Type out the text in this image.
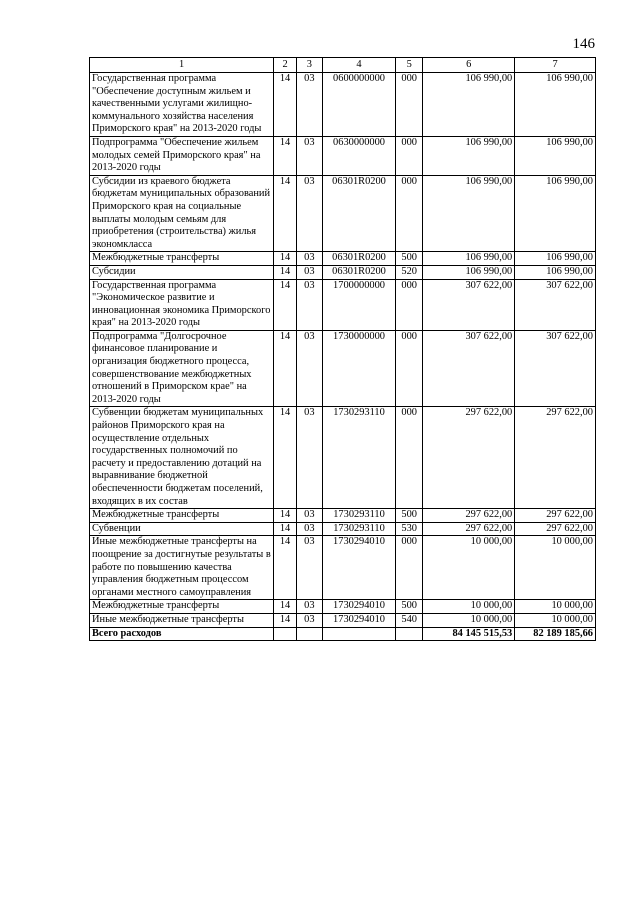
146
1	2	3	4	5	6	7
Государственная программа "Обеспечение доступным жильем и качественными услугами жилищно-коммунального хозяйства населения Приморского края" на 2013-2020 годы	14	03	0600000000	000	106 990,00	106 990,00
Подпрограмма "Обеспечение жильем молодых семей Приморского края" на 2013-2020 годы	14	03	0630000000	000	106 990,00	106 990,00
Субсидии из краевого бюджета бюджетам муниципальных образований Приморского края на социальные выплаты молодым семьям для приобретения (строительства) жилья экономкласса	14	03	06301R0200	000	106 990,00	106 990,00
Межбюджетные трансферты	14	03	06301R0200	500	106 990,00	106 990,00
Субсидии	14	03	06301R0200	520	106 990,00	106 990,00
Государственная программа "Экономическое развитие и инновационная экономика Приморского края" на 2013-2020 годы	14	03	1700000000	000	307 622,00	307 622,00
Подпрограмма "Долгосрочное финансовое планирование и организация бюджетного процесса, совершенствование межбюджетных отношений в Приморском крае" на 2013-2020 годы	14	03	1730000000	000	307 622,00	307 622,00
Субвенции бюджетам муниципальных районов Приморского края на осуществление отдельных государственных полномочий по расчету и предоставлению дотаций на выравнивание бюджетной обеспеченности бюджетам поселений, входящих в их состав	14	03	1730293110	000	297 622,00	297 622,00
Межбюджетные трансферты	14	03	1730293110	500	297 622,00	297 622,00
Субвенции	14	03	1730293110	530	297 622,00	297 622,00
Иные межбюджетные трансферты на поощрение за достигнутые результаты в работе по повышению качества управления бюджетным процессом органами местного самоуправления	14	03	1730294010	000	10 000,00	10 000,00
Межбюджетные трансферты	14	03	1730294010	500	10 000,00	10 000,00
Иные межбюджетные трансферты	14	03	1730294010	540	10 000,00	10 000,00
Всего расходов					84 145 515,53	82 189 185,66
